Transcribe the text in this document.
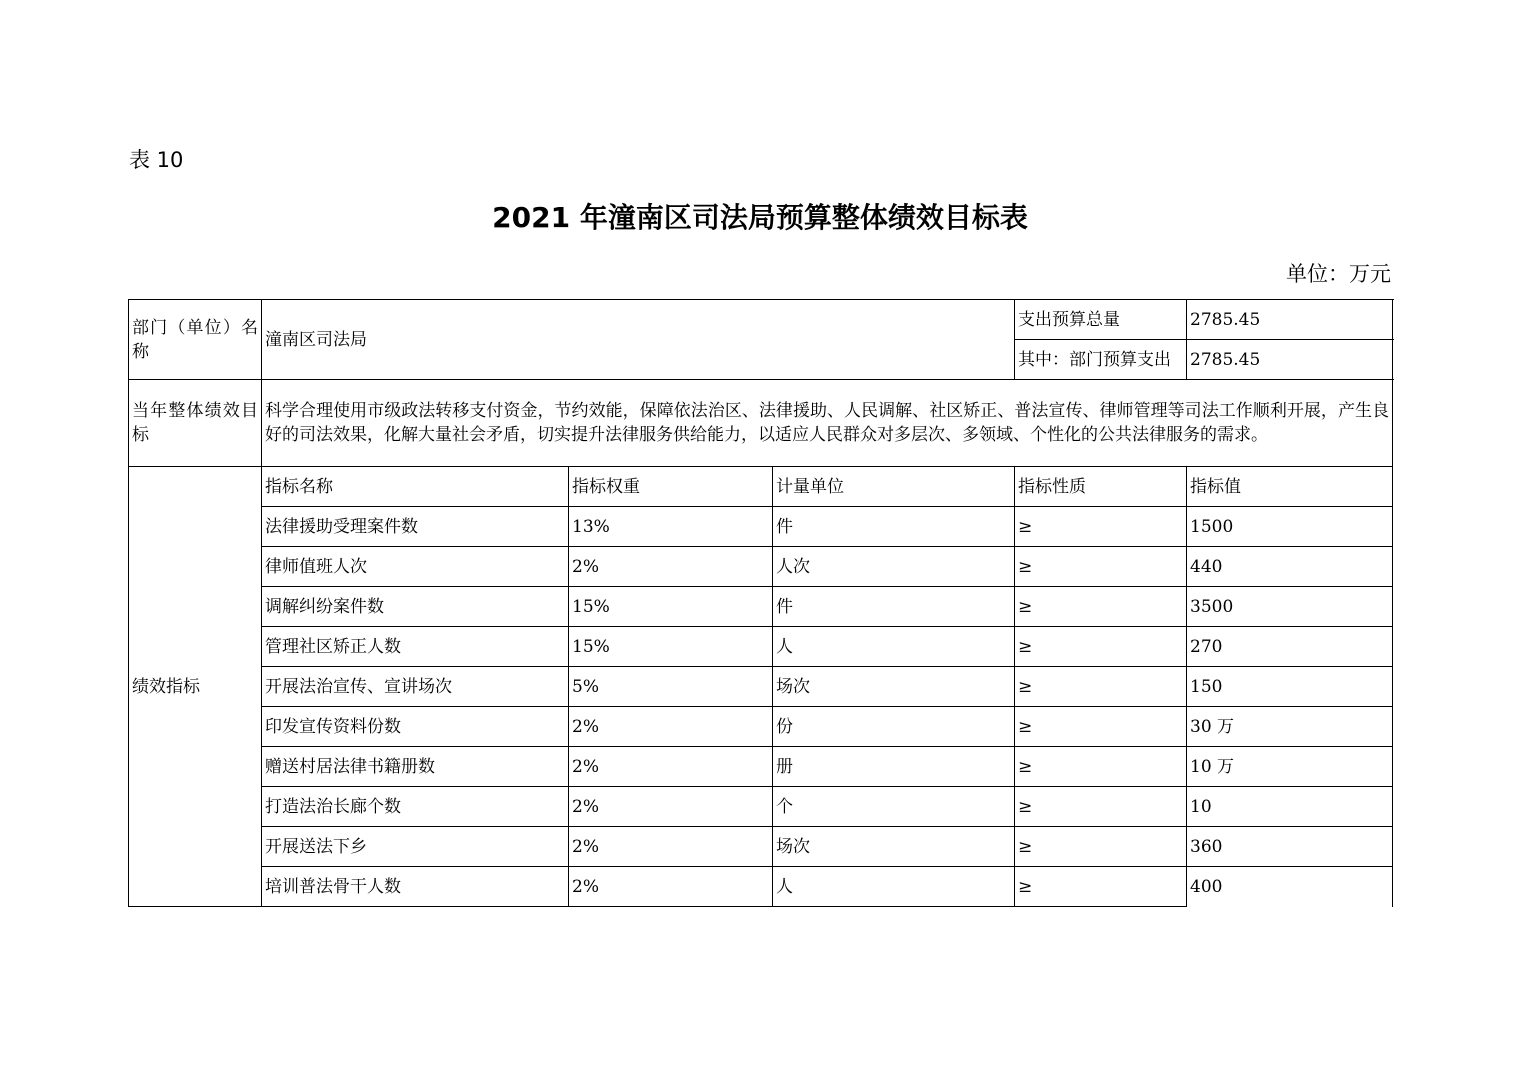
表 10
2021 年潼南区司法局预算整体绩效目标表
单位：万元
部门（单位）名称	潼南区司法局			支出预算总量	2785.45
				其中：部门预算支出	2785.45
当年整体绩效目标	科学合理使用市级政法转移支付资金，节约效能，保障依法治区、法律援助、人民调解、社区矫正、普法宣传、律师管理等司法工作顺利开展，产生良好的司法效果，化解大量社会矛盾，切实提升法律服务供给能力，以适应人民群众对多层次、多领域、个性化的公共法律服务的需求。				
绩效指标	指标名称	指标权重	计量单位	指标性质	指标值
	法律援助受理案件数	13%	件	≥	1500
	律师值班人次	2%	人次	≥	440
	调解纠纷案件数	15%	件	≥	3500
	管理社区矫正人数	15%	人	≥	270
	开展法治宣传、宣讲场次	5%	场次	≥	150
	印发宣传资料份数	2%	份	≥	30 万
	赠送村居法律书籍册数	2%	册	≥	10 万
	打造法治长廊个数	2%	个	≥	10
	开展送法下乡	2%	场次	≥	360
	培训普法骨干人数	2%	人	≥	400
